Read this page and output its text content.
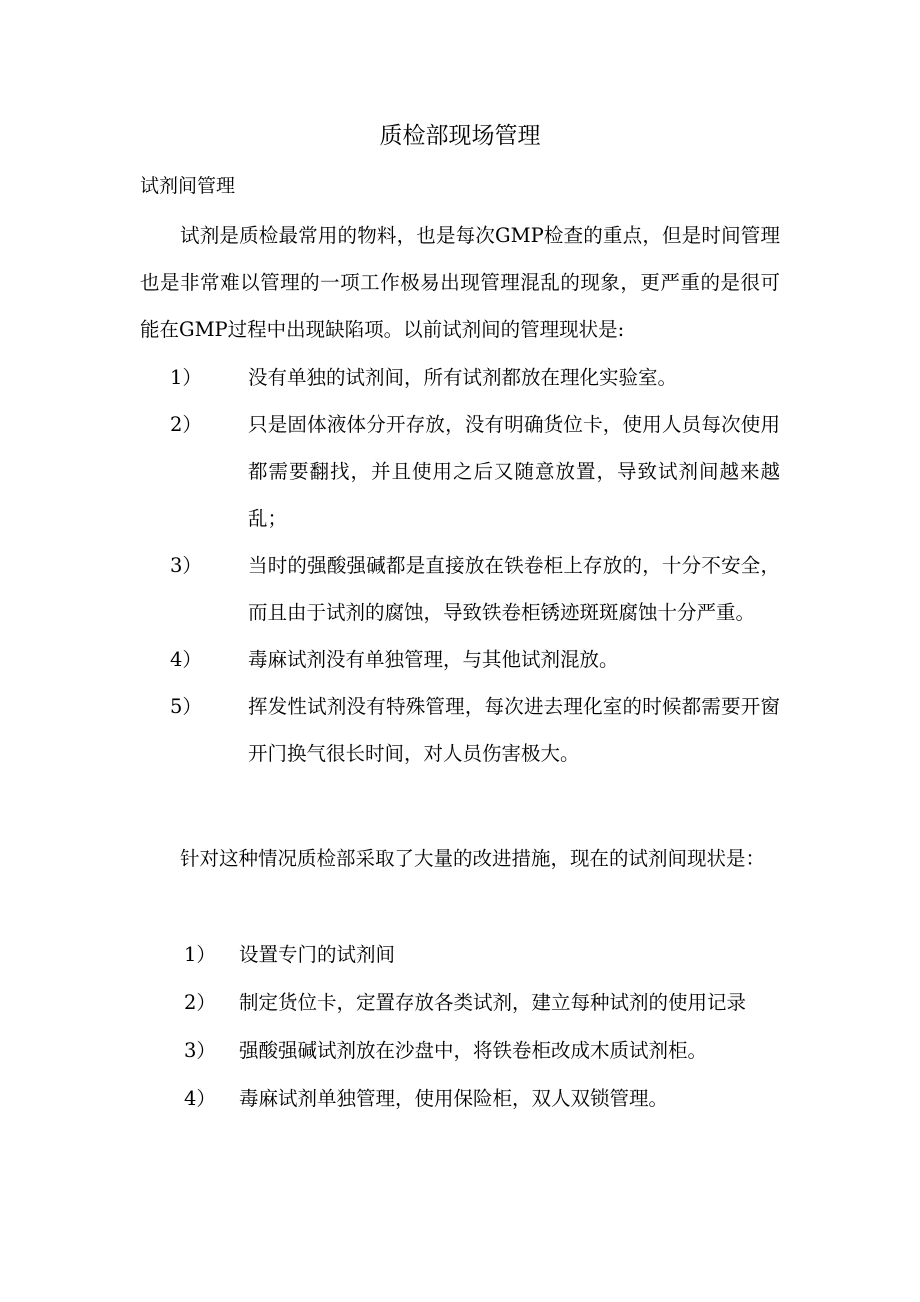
质检部现场管理
试剂间管理

试剂是质检最常用的物料，也是每次GMP检查的重点，但是时间管理也是非常难以管理的一项工作极易出现管理混乱的现象，更严重的是很可能在GMP过程中出现缺陷项。以前试剂间的管理现状是:

1） 没有单独的试剂间，所有试剂都放在理化实验室。
2） 只是固体液体分开存放，没有明确货位卡，使用人员每次使用都需要翻找，并且使用之后又随意放置，导致试剂间越来越乱；
3） 当时的强酸强碱都是直接放在铁卷柜上存放的，十分不安全，而且由于试剂的腐蚀，导致铁卷柜锈迹斑斑腐蚀十分严重。
4） 毒麻试剂没有单独管理，与其他试剂混放。
5） 挥发性试剂没有特殊管理，每次进去理化室的时候都需要开窗开门换气很长时间，对人员伤害极大。

针对这种情况质检部采取了大量的改进措施，现在的试剂间现状是：

1） 设置专门的试剂间
2） 制定货位卡，定置存放各类试剂，建立每种试剂的使用记录
3） 强酸强碱试剂放在沙盘中，将铁卷柜改成木质试剂柜。
4） 毒麻试剂单独管理，使用保险柜，双人双锁管理。
